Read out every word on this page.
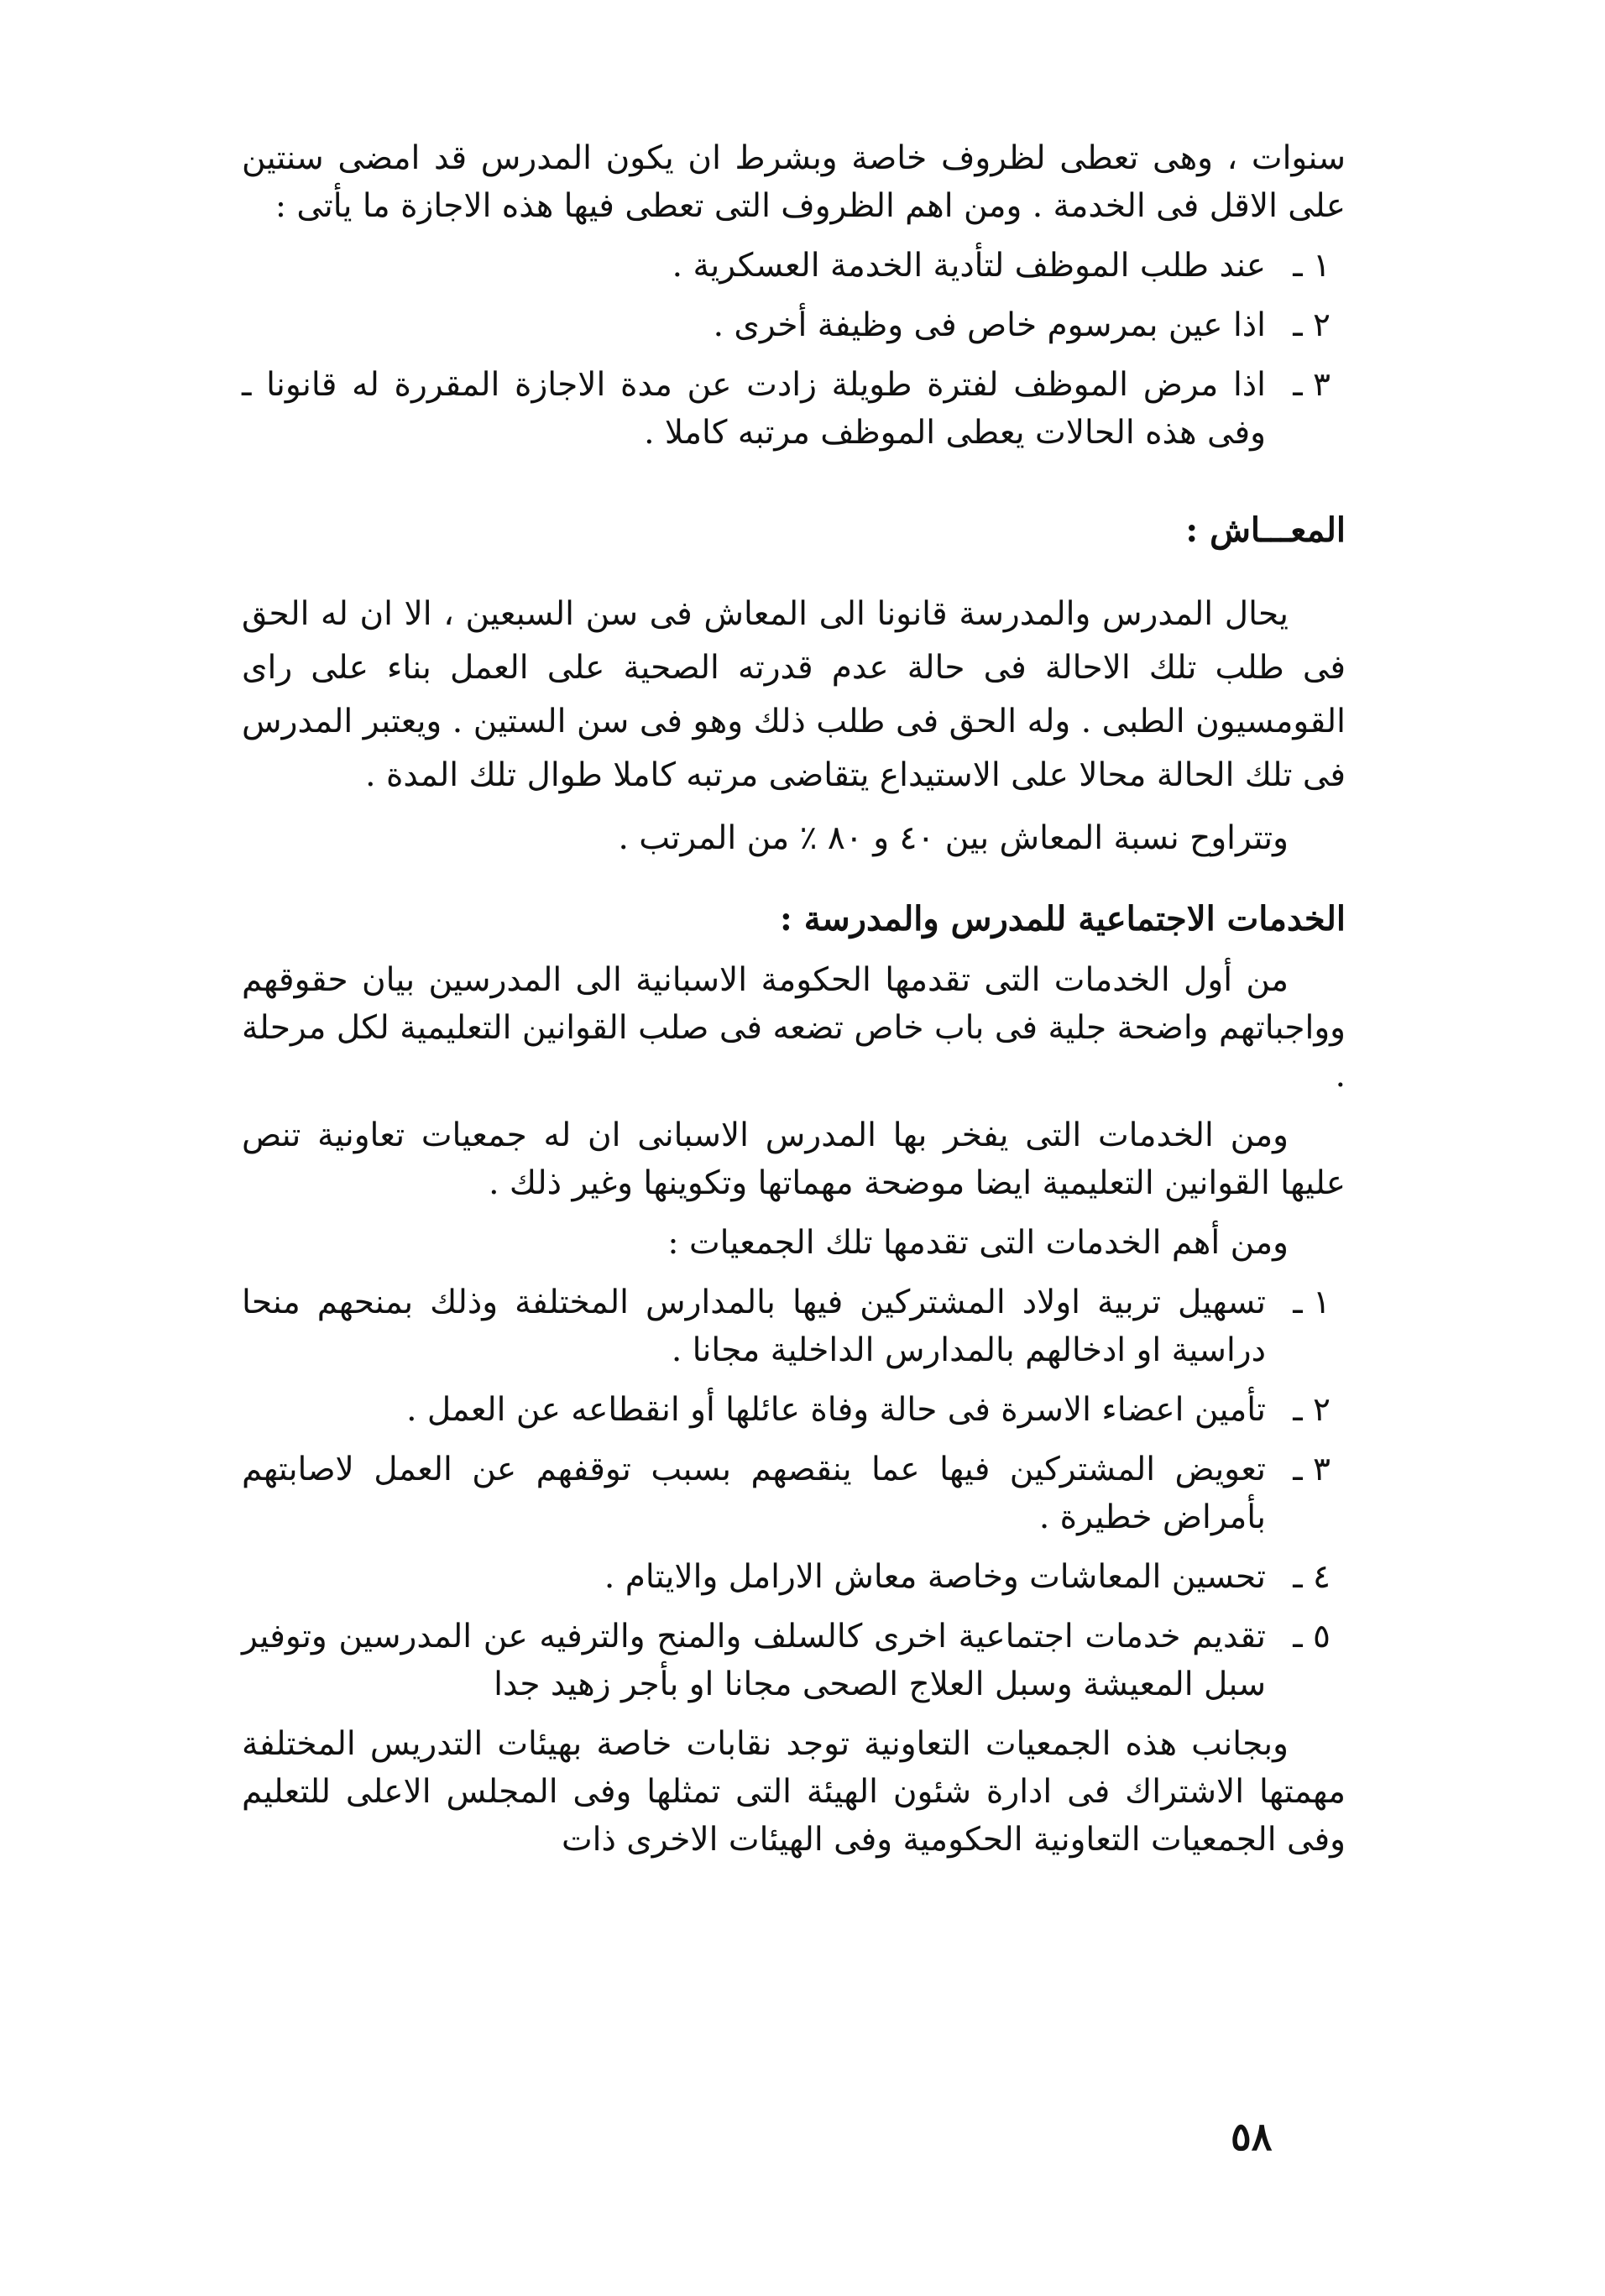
سنوات ، وهى تعطى لظروف خاصة وبشرط ان يكون المدرس قد امضى سنتين على الاقل فى الخدمة . ومن اهم الظروف التى تعطى فيها هذه الاجازة ما يأتى :

١ ـ
عند طلب الموظف لتأدية الخدمة العسكرية .
٢ ـ
اذا عين بمرسوم خاص فى وظيفة أخرى .
٣ ـ
اذا مرض الموظف لفترة طويلة زادت عن مدة الاجازة المقررة له قانونا ـ وفى هذه الحالات يعطى الموظف مرتبه كاملا .
المعـــاش :

يحال المدرس والمدرسة قانونا الى المعاش فى سن السبعين ، الا ان له الحق فى طلب تلك الاحالة فى حالة عدم قدرته الصحية على العمل بناء على راى القومسيون الطبى . وله الحق فى طلب ذلك وهو فى سن الستين . ويعتبر المدرس فى تلك الحالة محالا على الاستيداع يتقاضى مرتبه كاملا طوال تلك المدة .

وتتراوح نسبة المعاش بين ٤٠ و ٨٠ ٪ من المرتب .

الخدمات الاجتماعية للمدرس والمدرسة :

من أول الخدمات التى تقدمها الحكومة الاسبانية الى المدرسين بيان حقوقهم وواجباتهم واضحة جلية فى باب خاص تضعه فى صلب القوانين التعليمية لكل مرحلة .

ومن الخدمات التى يفخر بها المدرس الاسبانى ان له جمعيات تعاونية تنص عليها القوانين التعليمية ايضا موضحة مهماتها وتكوينها وغير ذلك .

ومن أهم الخدمات التى تقدمها تلك الجمعيات :

١ ـ
تسهيل تربية اولاد المشتركين فيها بالمدارس المختلفة وذلك بمنحهم منحا دراسية او ادخالهم بالمدارس الداخلية مجانا .
٢ ـ
تأمين اعضاء الاسرة فى حالة وفاة عائلها أو انقطاعه عن العمل .
٣ ـ
تعويض المشتركين فيها عما ينقصهم بسبب توقفهم عن العمل لاصابتهم بأمراض خطيرة .
٤ ـ
تحسين المعاشات وخاصة معاش الارامل والايتام .
٥ ـ
تقديم خدمات اجتماعية اخرى كالسلف والمنح والترفيه عن المدرسين وتوفير سبل المعيشة وسبل العلاج الصحى مجانا او بأجر زهيد جدا

وبجانب هذه الجمعيات التعاونية توجد نقابات خاصة بهيئات التدريس المختلفة مهمتها الاشتراك فى ادارة شئون الهيئة التى تمثلها وفى المجلس الاعلى للتعليم وفى الجمعيات التعاونية الحكومية وفى الهيئات الاخرى ذات

٥٨
